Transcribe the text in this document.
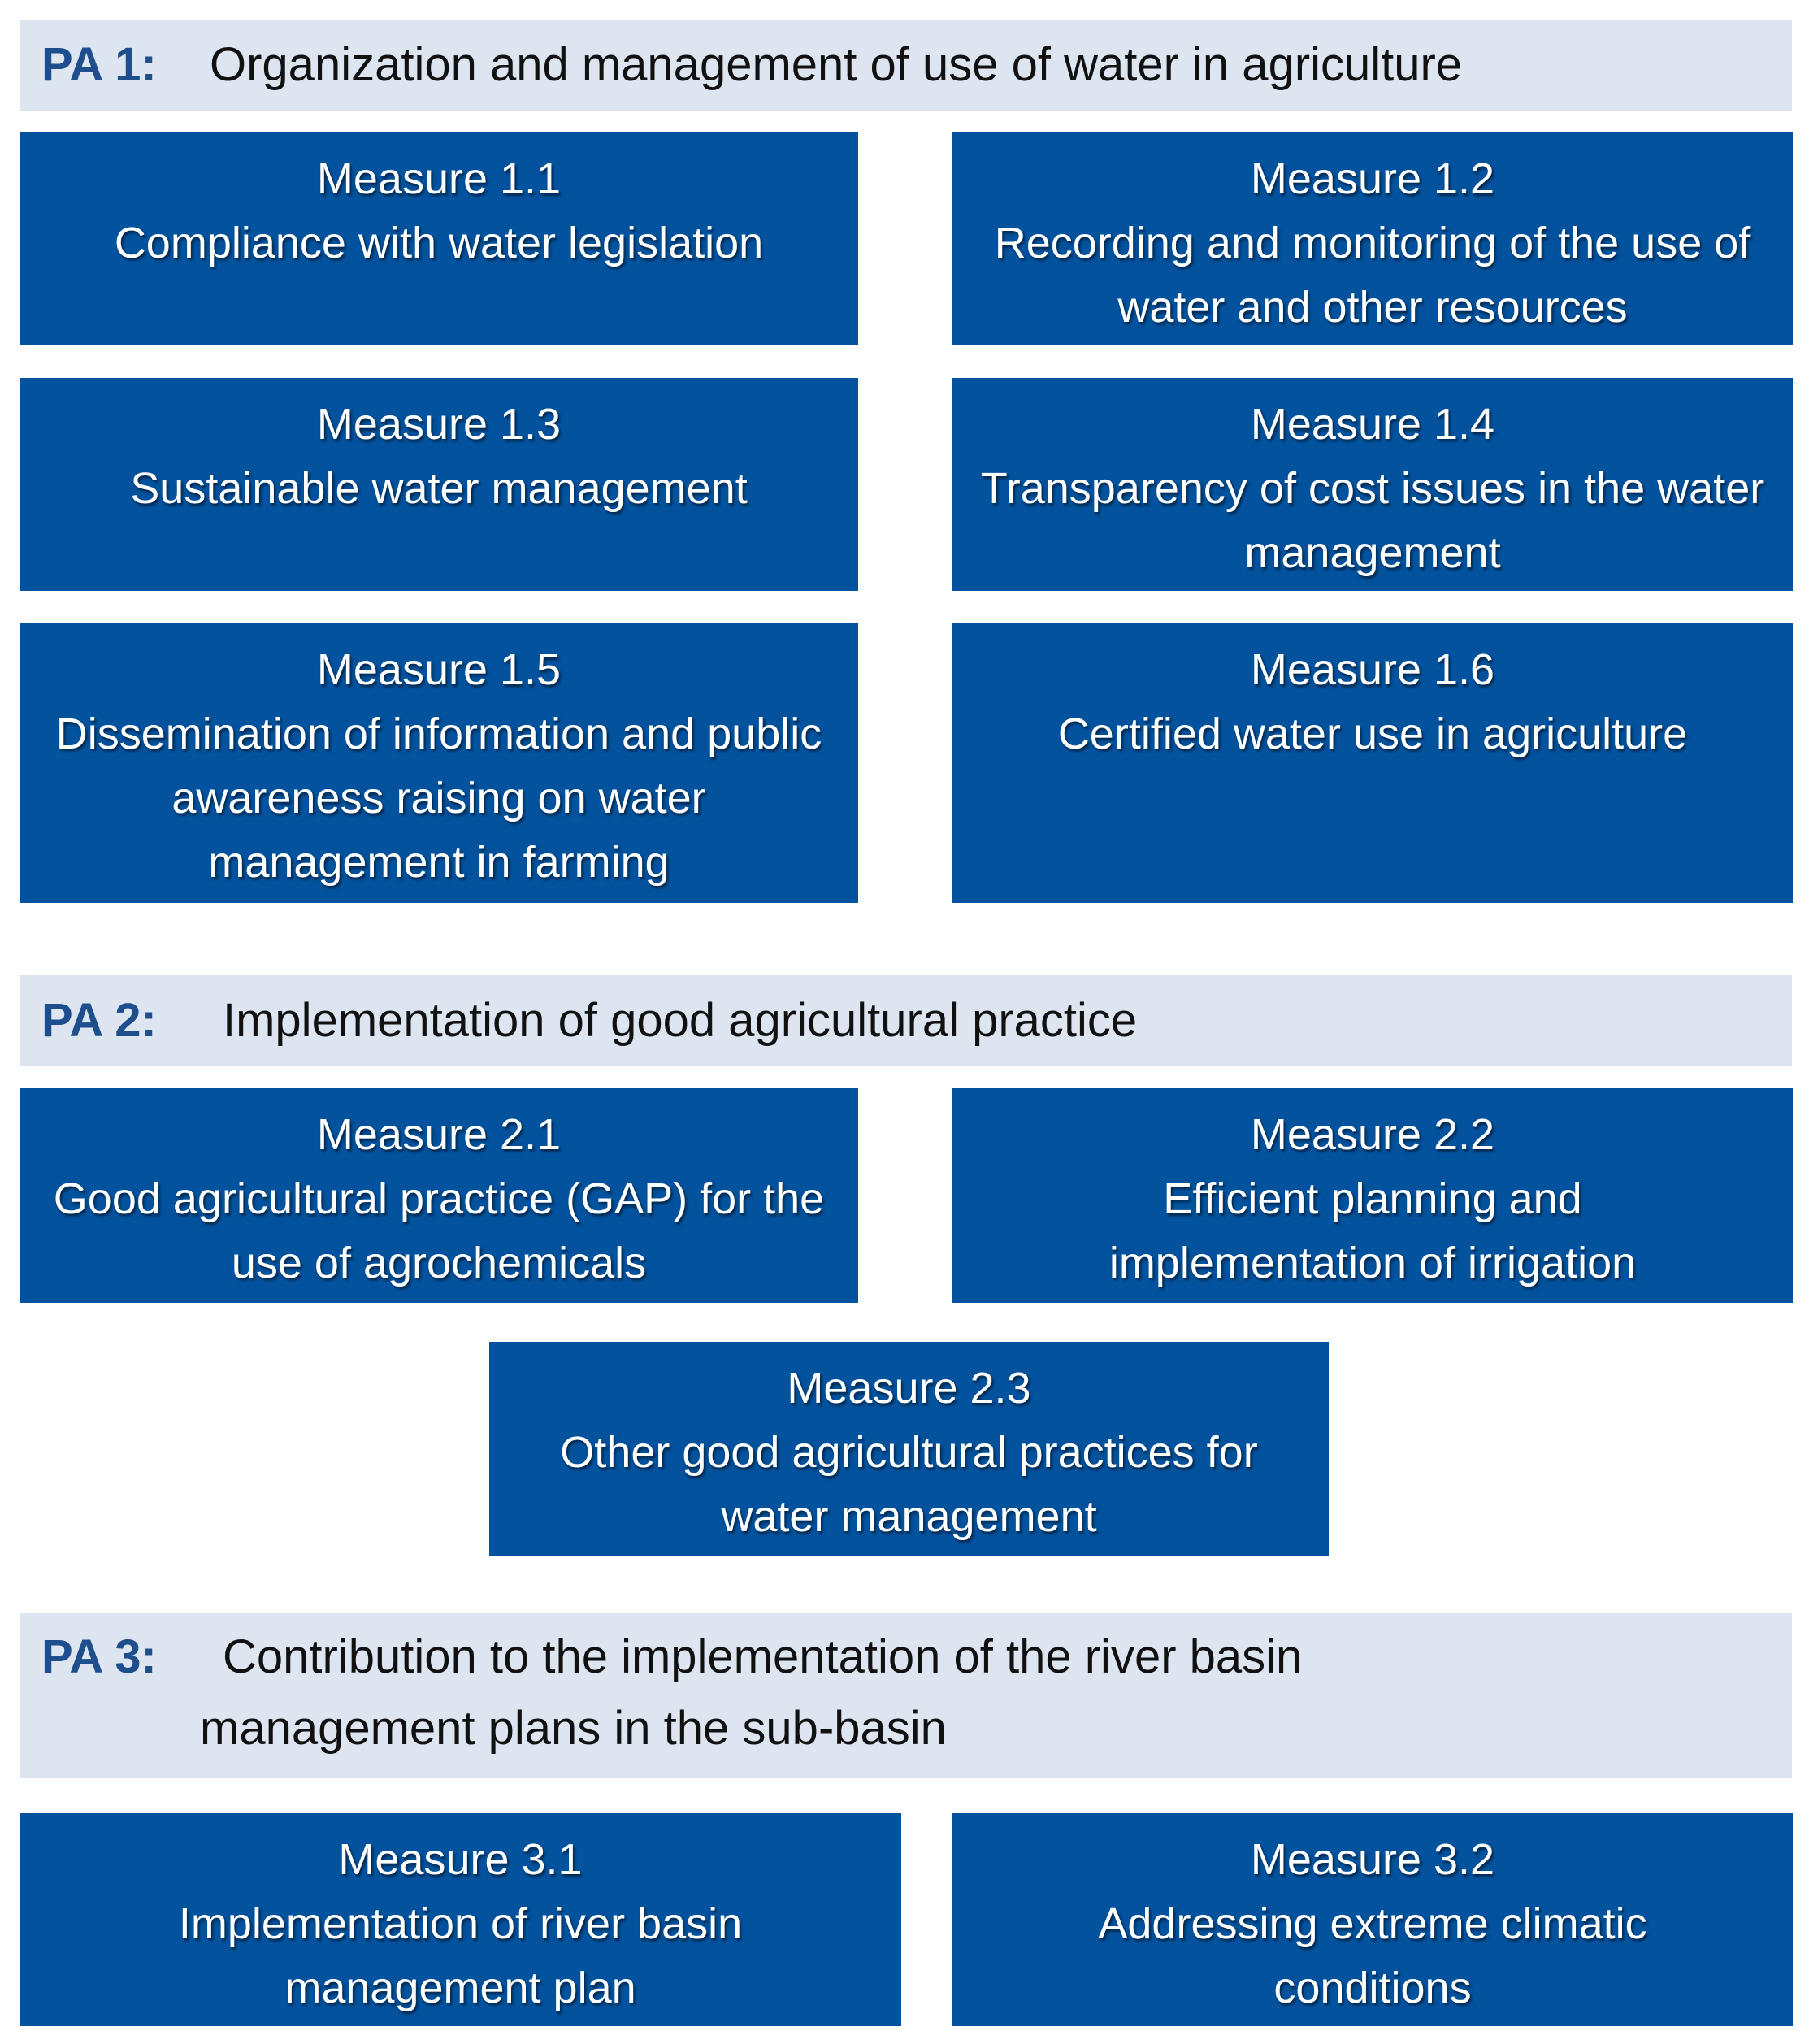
PA 1:	Organization and management of use of water in agriculture
Measure 1.1
Compliance with water legislation
Measure 1.2
Recording and monitoring of the use of water and other resources
Measure 1.3
Sustainable water management
Measure 1.4
Transparency of cost issues in the water management
Measure 1.5
Dissemination of information and public awareness raising on water management in farming
Measure 1.6
Certified water use in agriculture
PA 2:	Implementation of good agricultural practice
Measure 2.1
Good agricultural practice (GAP) for the use of agrochemicals
Measure 2.2
Efficient planning and implementation of irrigation
Measure 2.3
Other good agricultural practices for water management
PA 3:	Contribution to the implementation of the river basin management plans in the sub-basin
Measure 3.1
Implementation of river basin management plan
Measure 3.2
Addressing extreme climatic conditions
